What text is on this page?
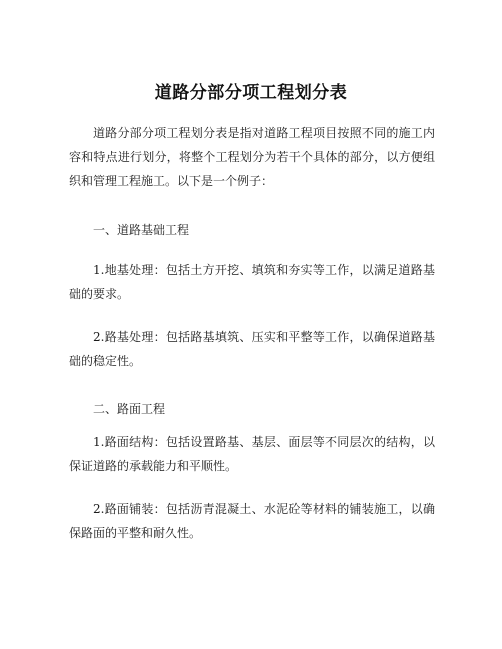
道路分部分项工程划分表

道路分部分项工程划分表是指对道路工程项目按照不同的施工内容和特点进行划分，将整个工程划分为若干个具体的部分，以方便组织和管理工程施工。以下是一个例子：

一、道路基础工程

1.地基处理：包括土方开挖、填筑和夯实等工作，以满足道路基础的要求。

2.路基处理：包括路基填筑、压实和平整等工作，以确保道路基础的稳定性。

二、路面工程

1.路面结构：包括设置路基、基层、面层等不同层次的结构，以保证道路的承载能力和平顺性。

2.路面铺装：包括沥青混凝土、水泥砼等材料的铺装施工，以确保路面的平整和耐久性。
